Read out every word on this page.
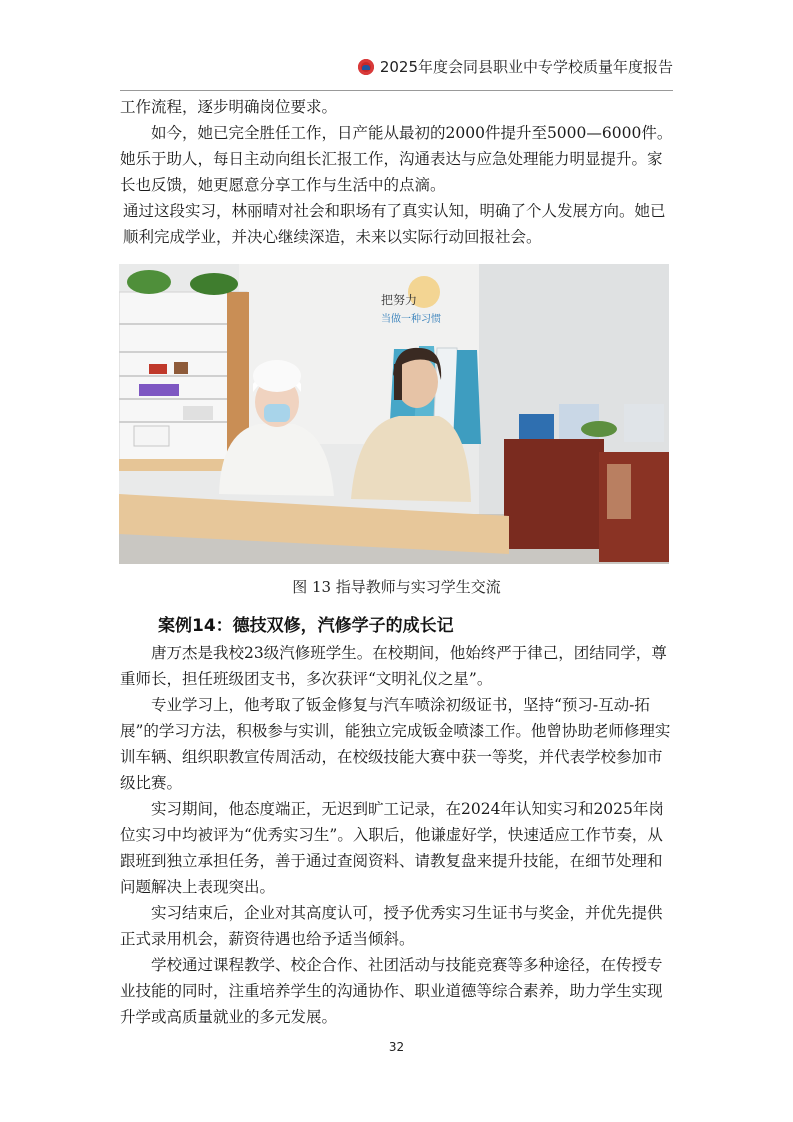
2025年度会同县职业中专学校质量年度报告

工作流程，逐步明确岗位要求。

如今，她已完全胜任工作，日产能从最初的2000件提升至5000—6000件。她乐于助人，每日主动向组长汇报工作，沟通表达与应急处理能力明显提升。家长也反馈，她更愿意分享工作与生活中的点滴。

通过这段实习，林丽晴对社会和职场有了真实认知，明确了个人发展方向。她已顺利完成学业，并决心继续深造，未来以实际行动回报社会。

把努力
当做一种习惯
图 13 指导教师与实习学生交流
案例14：德技双修，汽修学子的成长记

唐万杰是我校23级汽修班学生。在校期间，他始终严于律己，团结同学，尊重师长，担任班级团支书，多次获评“文明礼仪之星”。

专业学习上，他考取了钣金修复与汽车喷涂初级证书，坚持“预习-互动-拓展”的学习方法，积极参与实训，能独立完成钣金喷漆工作。他曾协助老师修理实训车辆、组织职教宣传周活动，在校级技能大赛中获一等奖，并代表学校参加市级比赛。

实习期间，他态度端正，无迟到旷工记录，在2024年认知实习和2025年岗位实习中均被评为“优秀实习生”。入职后，他谦虚好学，快速适应工作节奏，从跟班到独立承担任务，善于通过查阅资料、请教复盘来提升技能，在细节处理和问题解决上表现突出。

实习结束后，企业对其高度认可，授予优秀实习生证书与奖金，并优先提供正式录用机会，薪资待遇也给予适当倾斜。

学校通过课程教学、校企合作、社团活动与技能竞赛等多种途径，在传授专业技能的同时，注重培养学生的沟通协作、职业道德等综合素养，助力学生实现升学或高质量就业的多元发展。

32
